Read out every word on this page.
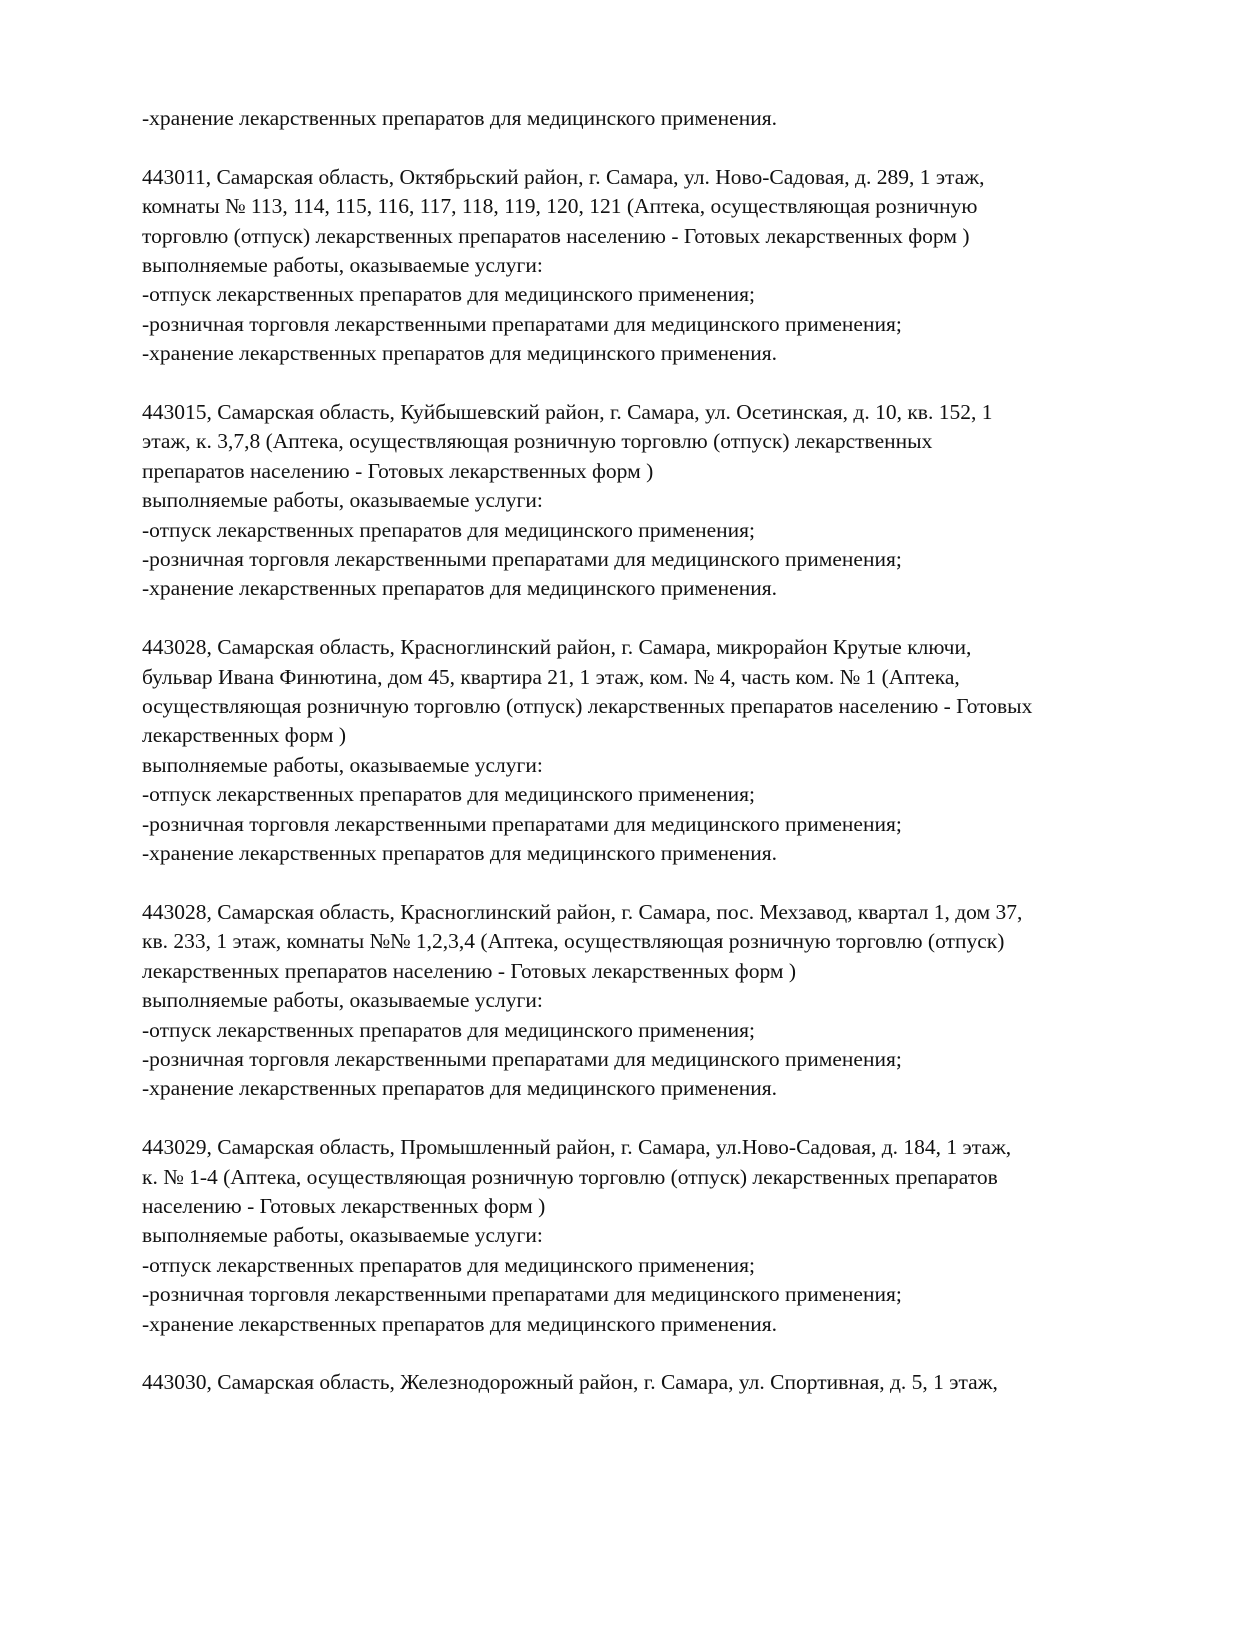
-хранение лекарственных препаратов для медицинского применения.
443011, Самарская область, Октябрьский район, г. Самара, ул. Ново-Садовая, д. 289, 1 этаж,
комнаты № 113, 114, 115, 116, 117, 118, 119, 120, 121 (Аптека, осуществляющая розничную
торговлю (отпуск) лекарственных препаратов населению - Готовых лекарственных форм )
выполняемые работы, оказываемые услуги:
-отпуск лекарственных препаратов для медицинского применения;
-розничная торговля лекарственными препаратами для медицинского применения;
-хранение лекарственных препаратов для медицинского применения.
443015, Самарская область, Куйбышевский район, г. Самара, ул. Осетинская, д. 10, кв. 152, 1
этаж, к. 3,7,8 (Аптека, осуществляющая розничную торговлю (отпуск) лекарственных
препаратов населению - Готовых лекарственных форм )
выполняемые работы, оказываемые услуги:
-отпуск лекарственных препаратов для медицинского применения;
-розничная торговля лекарственными препаратами для медицинского применения;
-хранение лекарственных препаратов для медицинского применения.
443028, Самарская область, Красноглинский район, г. Самара, микрорайон Крутые ключи,
бульвар Ивана Финютина, дом 45, квартира 21, 1 этаж, ком. № 4, часть ком. № 1 (Аптека,
осуществляющая розничную торговлю (отпуск) лекарственных препаратов населению - Готовых
лекарственных форм )
выполняемые работы, оказываемые услуги:
-отпуск лекарственных препаратов для медицинского применения;
-розничная торговля лекарственными препаратами для медицинского применения;
-хранение лекарственных препаратов для медицинского применения.
443028, Самарская область, Красноглинский район, г. Самара, пос. Мехзавод, квартал 1, дом 37,
кв. 233, 1 этаж, комнаты №№ 1,2,3,4 (Аптека, осуществляющая розничную торговлю (отпуск)
лекарственных препаратов населению - Готовых лекарственных форм )
выполняемые работы, оказываемые услуги:
-отпуск лекарственных препаратов для медицинского применения;
-розничная торговля лекарственными препаратами для медицинского применения;
-хранение лекарственных препаратов для медицинского применения.
443029, Самарская область, Промышленный район, г. Самара, ул.Ново-Садовая, д. 184, 1 этаж,
к. № 1-4 (Аптека, осуществляющая розничную торговлю (отпуск) лекарственных препаратов
населению - Готовых лекарственных форм )
выполняемые работы, оказываемые услуги:
-отпуск лекарственных препаратов для медицинского применения;
-розничная торговля лекарственными препаратами для медицинского применения;
-хранение лекарственных препаратов для медицинского применения.
443030, Самарская область, Железнодорожный район, г. Самара, ул. Спортивная, д. 5, 1 этаж,
